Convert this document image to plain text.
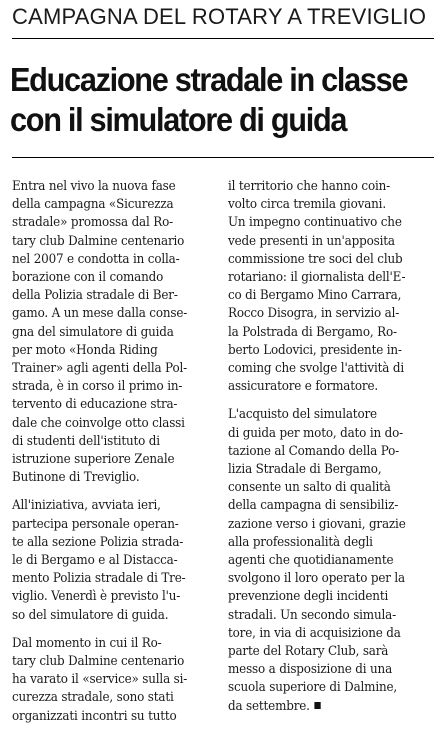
CAMPAGNA DEL ROTARY A TREVIGLIO
Educazione stradale in classe
con il simulatore di guida
Entra nel vivo la nuova fase
della campagna «Sicurezza
stradale» promossa dal Ro-
tary club Dalmine centenario
nel 2007 e condotta in colla-
borazione con il comando
della Polizia stradale di Ber-
gamo. A un mese dalla conse-
gna del simulatore di guida
per moto «Honda Riding
Trainer» agli agenti della Pol-
strada, è in corso il primo in-
tervento di educazione stra-
dale che coinvolge otto classi
di studenti dell'istituto di
istruzione superiore Zenale
Butinone di Treviglio.
All'iniziativa, avviata ieri,
partecipa personale operan-
te alla sezione Polizia strada-
le di Bergamo e al Distacca-
mento Polizia stradale di Tre-
viglio. Venerdì è previsto l'u-
so del simulatore di guida.
Dal momento in cui il Ro-
tary club Dalmine centenario
ha varato il «service» sulla si-
curezza stradale, sono stati
organizzati incontri su tutto
il territorio che hanno coin-
volto circa tremila giovani.
Un impegno continuativo che
vede presenti in un'apposita
commissione tre soci del club
rotariano: il giornalista dell'E-
co di Bergamo Mino Carrara,
Rocco Disogra, in servizio al-
la Polstrada di Bergamo, Ro-
berto Lodovici, presidente in-
coming che svolge l'attività di
assicuratore e formatore.
L'acquisto del simulatore
di guida per moto, dato in do-
tazione al Comando della Po-
lizia Stradale di Bergamo,
consente un salto di qualità
della campagna di sensibiliz-
zazione verso i giovani, grazie
alla professionalità degli
agenti che quotidianamente
svolgono il loro operato per la
prevenzione degli incidenti
stradali. Un secondo simula-
tore, in via di acquisizione da
parte del Rotary Club, sarà
messo a disposizione di una
scuola superiore di Dalmine,
da settembre.
